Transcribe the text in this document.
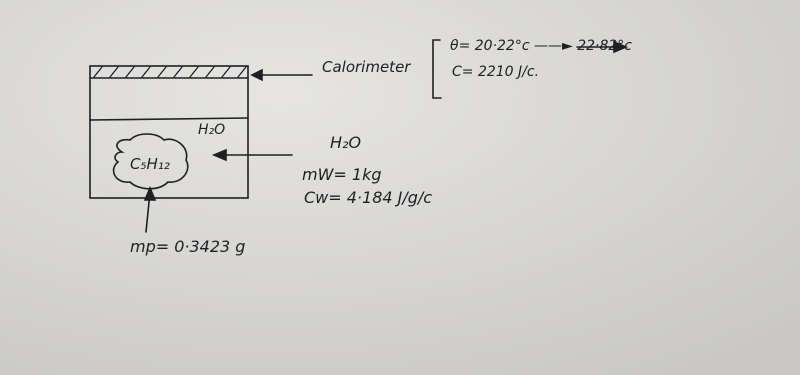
Calorimeter
θ= 20·22°c ——► 22·82°c
C= 2210 J/c.
H₂O
C₅H₁₂
H₂O
mW= 1kg
Cw= 4·184 J/g/c
mp= 0·3423 g
